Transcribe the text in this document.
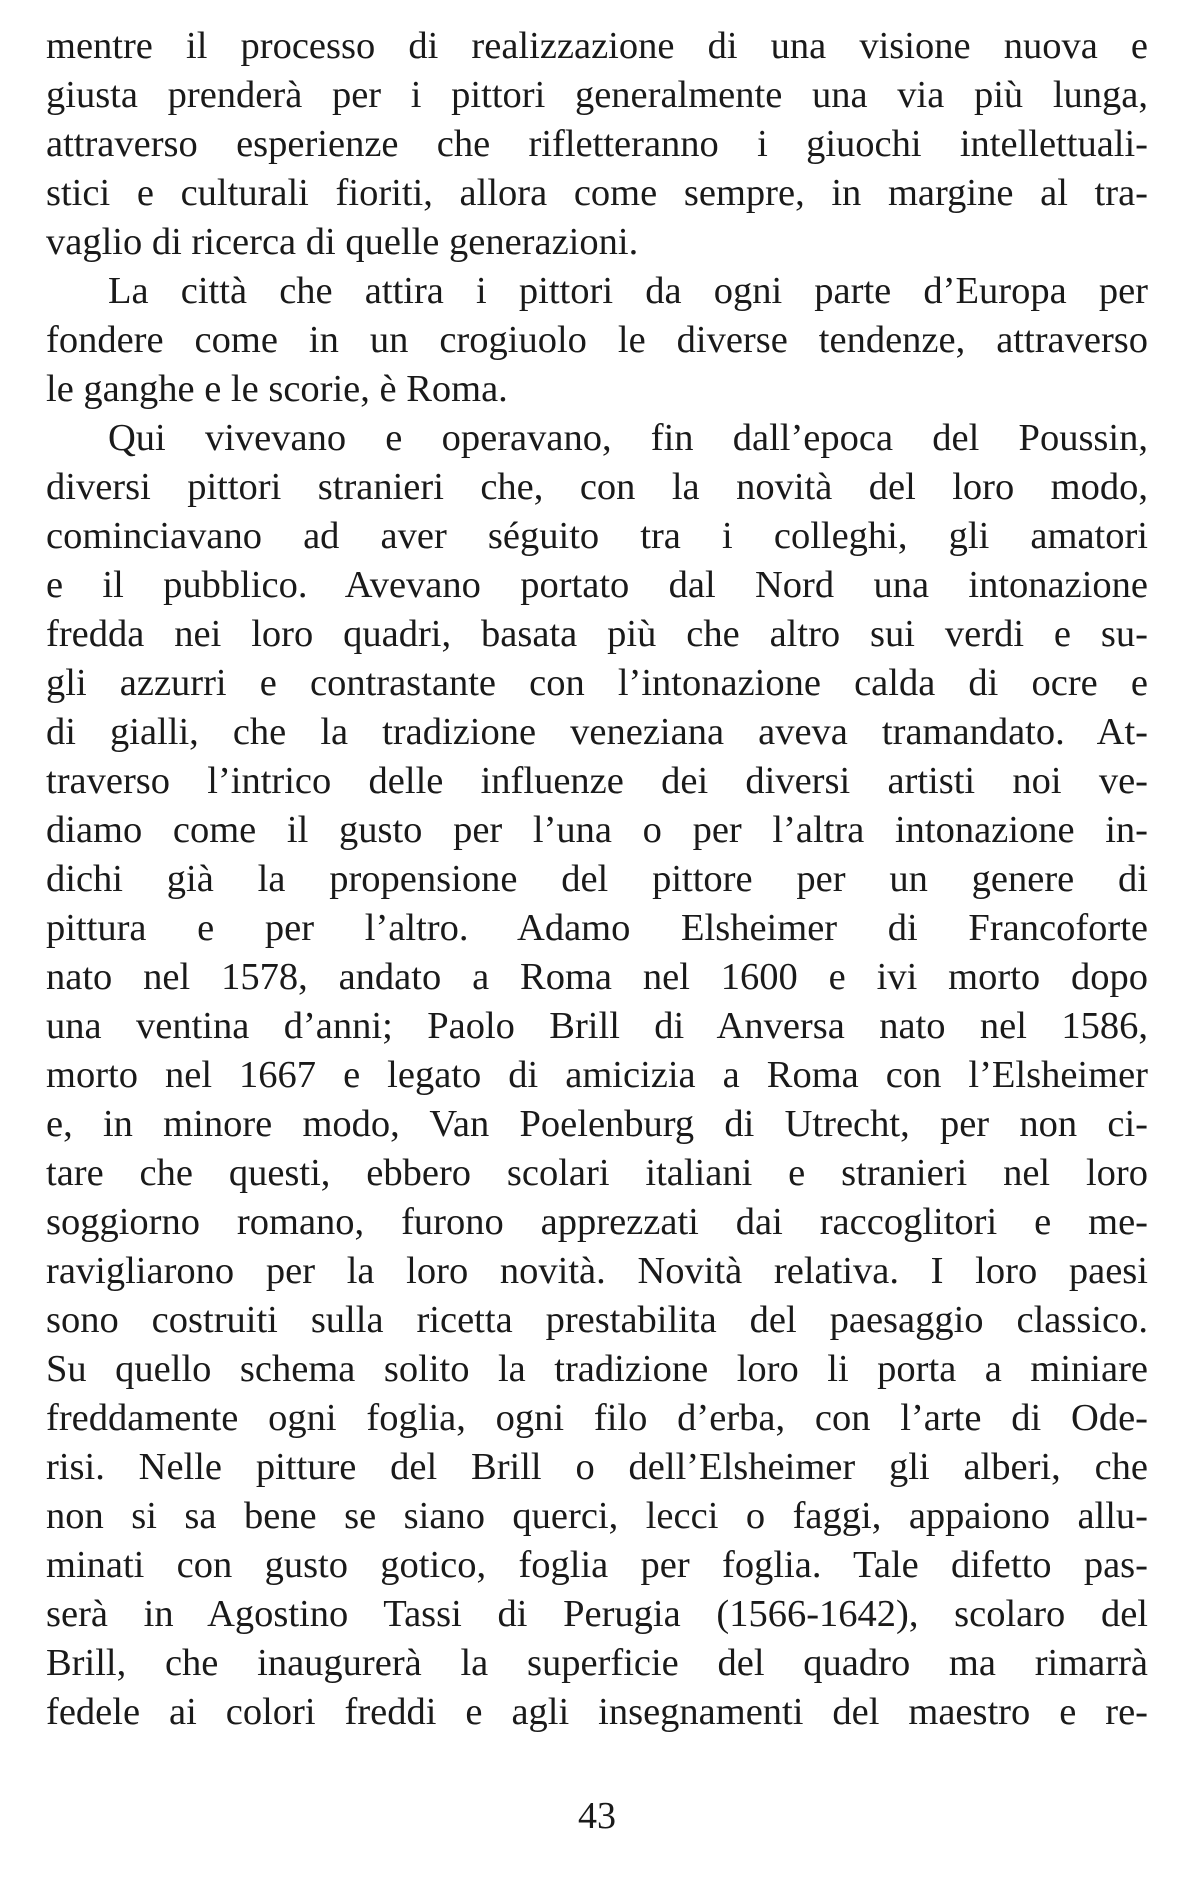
mentre il processo di realizzazione di una visione nuova e
giusta prenderà per i pittori generalmente una via più lunga,
attraverso esperienze che rifletteranno i giuochi intellettuali-
stici e culturali fioriti, allora come sempre, in margine al tra-
vaglio di ricerca di quelle generazioni.
La città che attira i pittori da ogni parte d’Europa per
fondere come in un crogiuolo le diverse tendenze, attraverso
le ganghe e le scorie, è Roma.
Qui vivevano e operavano, fin dall’epoca del Poussin,
diversi pittori stranieri che, con la novità del loro modo,
cominciavano ad aver séguito tra i colleghi, gli amatori
e il pubblico. Avevano portato dal Nord una intonazione
fredda nei loro quadri, basata più che altro sui verdi e su-
gli azzurri e contrastante con l’intonazione calda di ocre e
di gialli, che la tradizione veneziana aveva tramandato. At-
traverso l’intrico delle influenze dei diversi artisti noi ve-
diamo come il gusto per l’una o per l’altra intonazione in-
dichi già la propensione del pittore per un genere di
pittura e per l’altro. Adamo Elsheimer di Francoforte
nato nel 1578, andato a Roma nel 1600 e ivi morto dopo
una ventina d’anni; Paolo Brill di Anversa nato nel 1586,
morto nel 1667 e legato di amicizia a Roma con l’Elsheimer
e, in minore modo, Van Poelenburg di Utrecht, per non ci-
tare che questi, ebbero scolari italiani e stranieri nel loro
soggiorno romano, furono apprezzati dai raccoglitori e me-
ravigliarono per la loro novità. Novità relativa. I loro paesi
sono costruiti sulla ricetta prestabilita del paesaggio classico.
Su quello schema solito la tradizione loro li porta a miniare
freddamente ogni foglia, ogni filo d’erba, con l’arte di Ode-
risi. Nelle pitture del Brill o dell’Elsheimer gli alberi, che
non si sa bene se siano querci, lecci o faggi, appaiono allu-
minati con gusto gotico, foglia per foglia. Tale difetto pas-
serà in Agostino Tassi di Perugia (1566-1642), scolaro del
Brill, che inaugurerà la superficie del quadro ma rimarrà
fedele ai colori freddi e agli insegnamenti del maestro e re-
43
